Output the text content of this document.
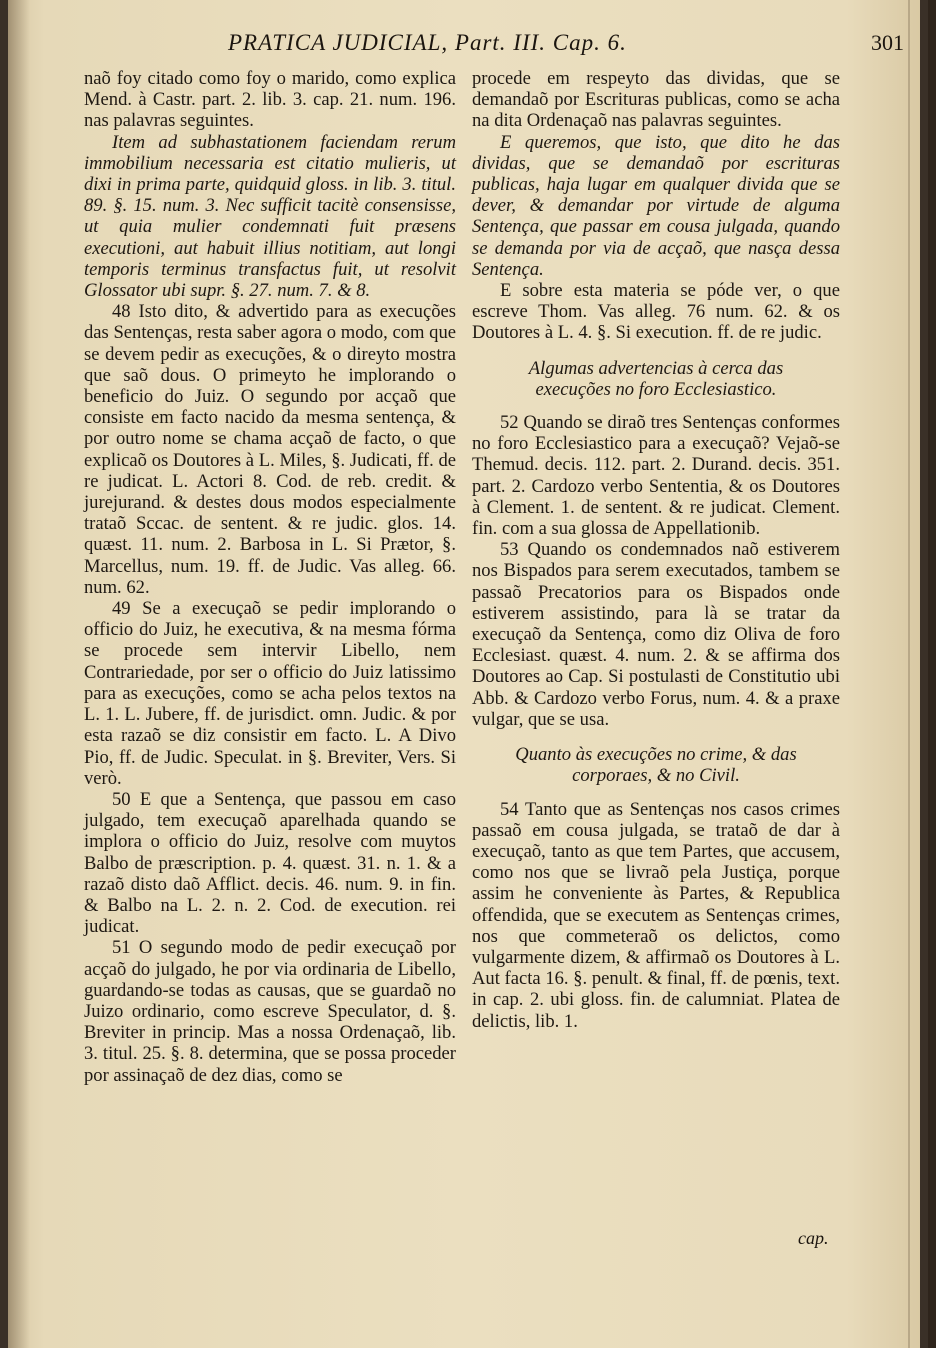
PRATICA JUDICIAL, Part. III. Cap. 6.	301

naõ foy citado como foy o marido, como explica Mend. à Castr. part. 2. lib. 3. cap. 21. num. 196. nas palavras seguintes.

Item ad subhastationem faciendam rerum immobilium necessaria est citatio mulieris, ut dixi in prima parte, quidquid gloss. in lib. 3. titul. 89. §. 15. num. 3. Nec sufficit tacitè consensisse, ut quia mulier condemnati fuit præsens executioni, aut habuit illius notitiam, aut longi temporis terminus transfactus fuit, ut resolvit Glossator ubi supr. §. 27. num. 7. & 8.

48 Isto dito, & advertido para as execuções das Sentenças, resta saber agora o modo, com que se devem pedir as execuções, & o direyto mostra que saõ dous. O primeyto he implorando o beneficio do Juiz. O segundo por acçaõ que consiste em facto nacido da mesma sentença, & por outro nome se chama acçaõ de facto, o que explicaõ os Doutores à L. Miles, §. Judicati, ff. de re judicat. L. Actori 8. Cod. de reb. credit. & jurejurand. & destes dous modos especialmente trataõ Sccac. de sentent. & re judic. glos. 14. quæst. 11. num. 2. Barbosa in L. Si Prætor, §. Marcellus, num. 19. ff. de Judic. Vas alleg. 66. num. 62.

49 Se a execuçaõ se pedir implorando o officio do Juiz, he executiva, & na mesma fórma se procede sem intervir Libello, nem Contrariedade, por ser o officio do Juiz latissimo para as execuções, como se acha pelos textos na L. 1. L. Jubere, ff. de jurisdict. omn. Judic. & por esta razaõ se diz consistir em facto. L. A Divo Pio, ff. de Judic. Speculat. in §. Breviter, Vers. Si verò.

50 E que a Sentença, que passou em caso julgado, tem execuçaõ aparelhada quando se implora o officio do Juiz, resolve com muytos Balbo de præscription. p. 4. quæst. 31. n. 1. & a razaõ disto daõ Afflict. decis. 46. num. 9. in fin. & Balbo na L. 2. n. 2. Cod. de execution. rei judicat.

51 O segundo modo de pedir execuçaõ por acçaõ do julgado, he por via ordinaria de Libello, guardando-se todas as causas, que se guardaõ no Juizo ordinario, como escreve Speculator, d. §. Breviter in princip. Mas a nossa Ordenaçaõ, lib. 3. titul. 25. §. 8. determina, que se possa proceder por assinaçaõ de dez dias, como se

procede em respeyto das dividas, que se demandaõ por Escrituras publicas, como se acha na dita Ordenaçaõ nas palavras seguintes.

E queremos, que isto, que dito he das dividas, que se demandaõ por escrituras publicas, haja lugar em qualquer divida que se dever, & demandar por virtude de alguma Sentença, que passar em cousa julgada, quando se demanda por via de acçaõ, que nasça dessa Sentença.

E sobre esta materia se póde ver, o que escreve Thom. Vas alleg. 76 num. 62. & os Doutores à L. 4. §. Si execution. ff. de re judic.

Algumas advertencias à cerca das execuções no foro Ecclesiastico.

52 Quando se diraõ tres Sentenças conformes no foro Ecclesiastico para a execuçaõ? Vejaõ-se Themud. decis. 112. part. 2. Durand. decis. 351. part. 2. Cardozo verbo Sententia, & os Doutores à Clement. 1. de sentent. & re judicat. Clement. fin. com a sua glossa de Appellationib.

53 Quando os condemnados naõ estiverem nos Bispados para serem executados, tambem se passaõ Precatorios para os Bispados onde estiverem assistindo, para là se tratar da execuçaõ da Sentença, como diz Oliva de foro Ecclesiast. quæst. 4. num. 2. & se affirma dos Doutores ao Cap. Si postulasti de Constitutio ubi Abb. & Cardozo verbo Forus, num. 4. & a praxe vulgar, que se usa.

Quanto às execuções no crime, & das corporaes, & no Civil.

54 Tanto que as Sentenças nos casos crimes passaõ em cousa julgada, se trataõ de dar à execuçaõ, tanto as que tem Partes, que accusem, como nos que se livraõ pela Justiça, porque assim he conveniente às Partes, & Republica offendida, que se executem as Sentenças crimes, nos que commeteraõ os delictos, como vulgarmente dizem, & affirmaõ os Doutores à L. Aut facta 16. §. penult. & final, ff. de pœnis, text. in cap. 2. ubi gloss. fin. de calumniat. Platea de delictis, lib. 1.

cap.
